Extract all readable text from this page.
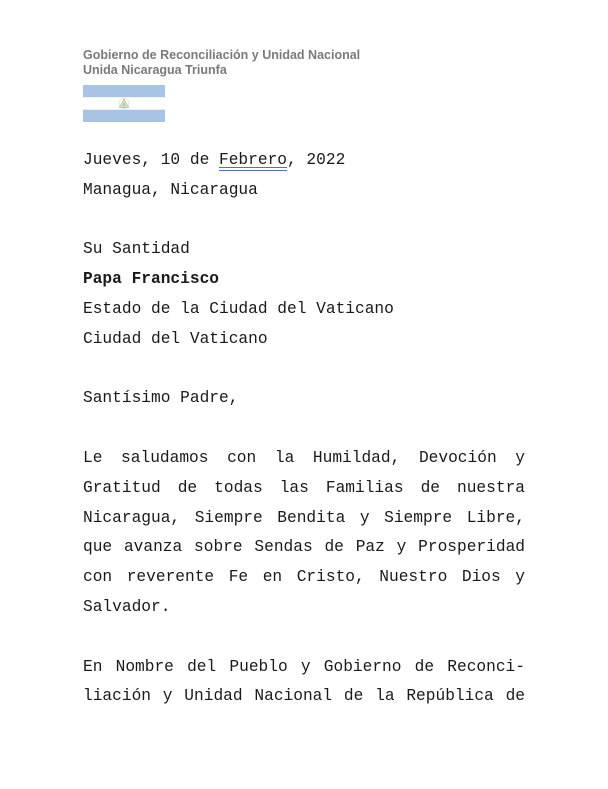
Gobierno de Reconciliación y Unidad Nacional
Unida Nicaragua Triunfa

Jueves, 10 de Febrero, 2022

Managua, Nicaragua

Su Santidad

Papa Francisco

Estado de la Ciudad del Vaticano

Ciudad del Vaticano

Santísimo Padre,

Le saludamos con la Humildad, Devoción y Gratitud de todas las Familias de nuestra Nicaragua, Siempre Bendita y Siempre Libre, que avanza sobre Sendas de Paz y Prosperidad con reverente Fe en Cristo, Nuestro Dios y Salvador.

En Nombre del Pueblo y Gobierno de Reconci-

liación y Unidad Nacional de la República de
